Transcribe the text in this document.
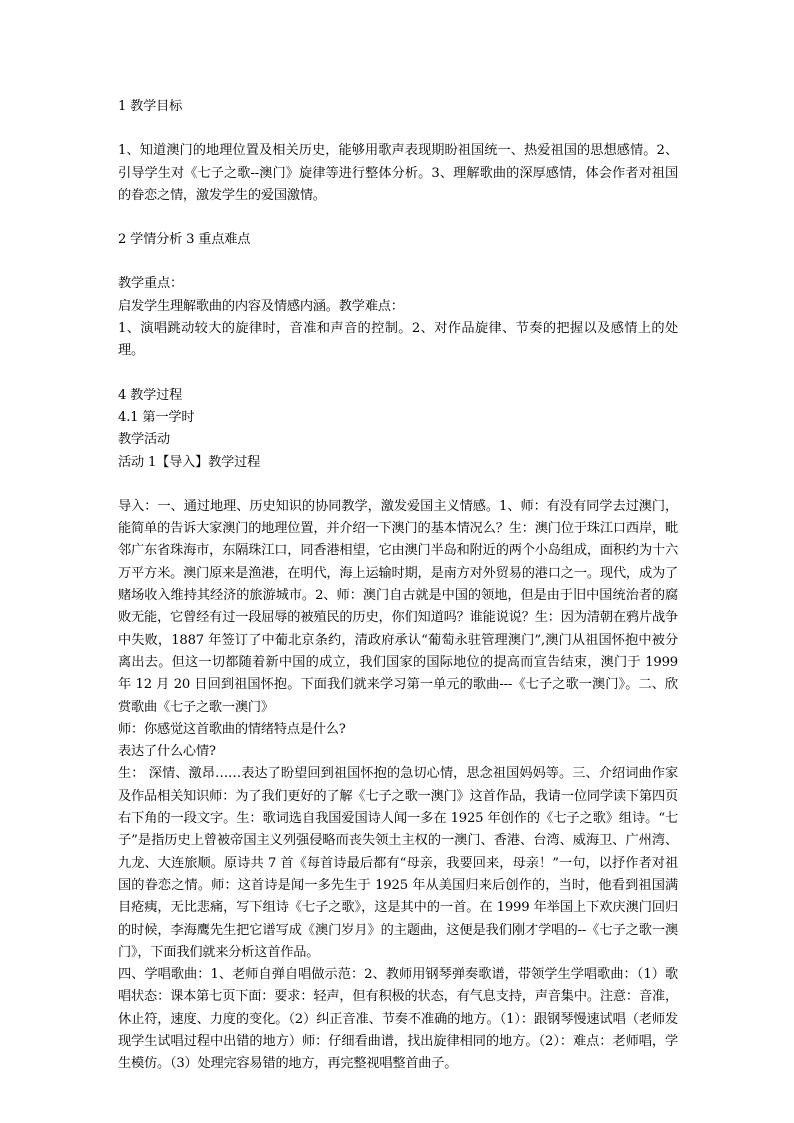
1 教学目标

1、知道澳门的地理位置及相关历史，能够用歌声表现期盼祖国统一、热爱祖国的思想感情。2、引导学生对《七子之歌--澳门》旋律等进行整体分析。3、理解歌曲的深厚感情，体会作者对祖国的眷恋之情，激发学生的爱国激情。

2 学情分析 3 重点难点

教学重点：

启发学生理解歌曲的内容及情感内涵。教学难点：

1、演唱跳动较大的旋律时，音准和声音的控制。2、对作品旋律、节奏的把握以及感情上的处理。

4 教学过程

4.1 第一学时

教学活动

活动 1【导入】教学过程

导入：一、通过地理、历史知识的协同教学，激发爱国主义情感。1、师：有没有同学去过澳门，能简单的告诉大家澳门的地理位置，并介绍一下澳门的基本情况么？生：澳门位于珠江口西岸，毗邻广东省珠海市，东隔珠江口，同香港相望，它由澳门半岛和附近的两个小岛组成，面积约为十六万平方米。澳门原来是渔港，在明代，海上运输时期，是南方对外贸易的港口之一。现代，成为了赌场收入维持其经济的旅游城市。2、师：澳门自古就是中国的领地，但是由于旧中国统治者的腐败无能，它曾经有过一段屈辱的被殖民的历史，你们知道吗？谁能说说？生：因为清朝在鸦片战争中失败，1887 年签订了中葡北京条约，清政府承认“葡萄永驻管理澳门”,澳门从祖国怀抱中被分离出去。但这一切都随着新中国的成立，我们国家的国际地位的提高而宣告结束，澳门于 1999 年 12 月 20 日回到祖国怀抱。下面我们就来学习第一单元的歌曲---《七子之歌一澳门》。二、欣赏歌曲《七子之歌一澳门》

师：你感觉这首歌曲的情绪特点是什么?

表达了什么心情?

生： 深情、激昂……表达了盼望回到祖国怀抱的急切心情，思念祖国妈妈等。三、介绍词曲作家及作品相关知识师：为了我们更好的了解《七子之歌一澳门》这首作品，我请一位同学读下第四页右下角的一段文字。生：歌词选自我国爱国诗人闻一多在 1925 年创作的《七子之歌》组诗。“七子”是指历史上曾被帝国主义列强侵略而丧失领土主权的一澳门、香港、台湾、威海卫、广州湾、九龙、大连旅顺。原诗共 7 首《每首诗最后都有“母亲，我要回来，母亲！”一句，以抒作者对祖国的眷恋之情。师：这首诗是闻一多先生于 1925 年从美国归来后创作的，当时，他看到祖国满目疮痍，无比悲痛，写下组诗《七子之歌》，这是其中的一首。在 1999 年举国上下欢庆澳门回归的时候，李海鹰先生把它谱写成《澳门岁月》的主题曲，这便是我们刚才学唱的--《七子之歌一澳门》，下面我们就来分析这首作品。

四、学唱歌曲：1、老师自弹自唱做示范：2、教师用钢琴弹奏歌谱，带领学生学唱歌曲：（1）歌唱状态：课本第七页下面：要求：轻声，但有积极的状态，有气息支持，声音集中。注意：音准，休止符，速度、力度的变化。（2）纠正音准、节奏不准确的地方。（1）：跟钢琴慢速试唱（老师发现学生试唱过程中出错的地方）师：仔细看曲谱，找出旋律相同的地方。（2）：难点：老师唱，学生模仿。（3）处理完容易错的地方，再完整视唱整首曲子。
